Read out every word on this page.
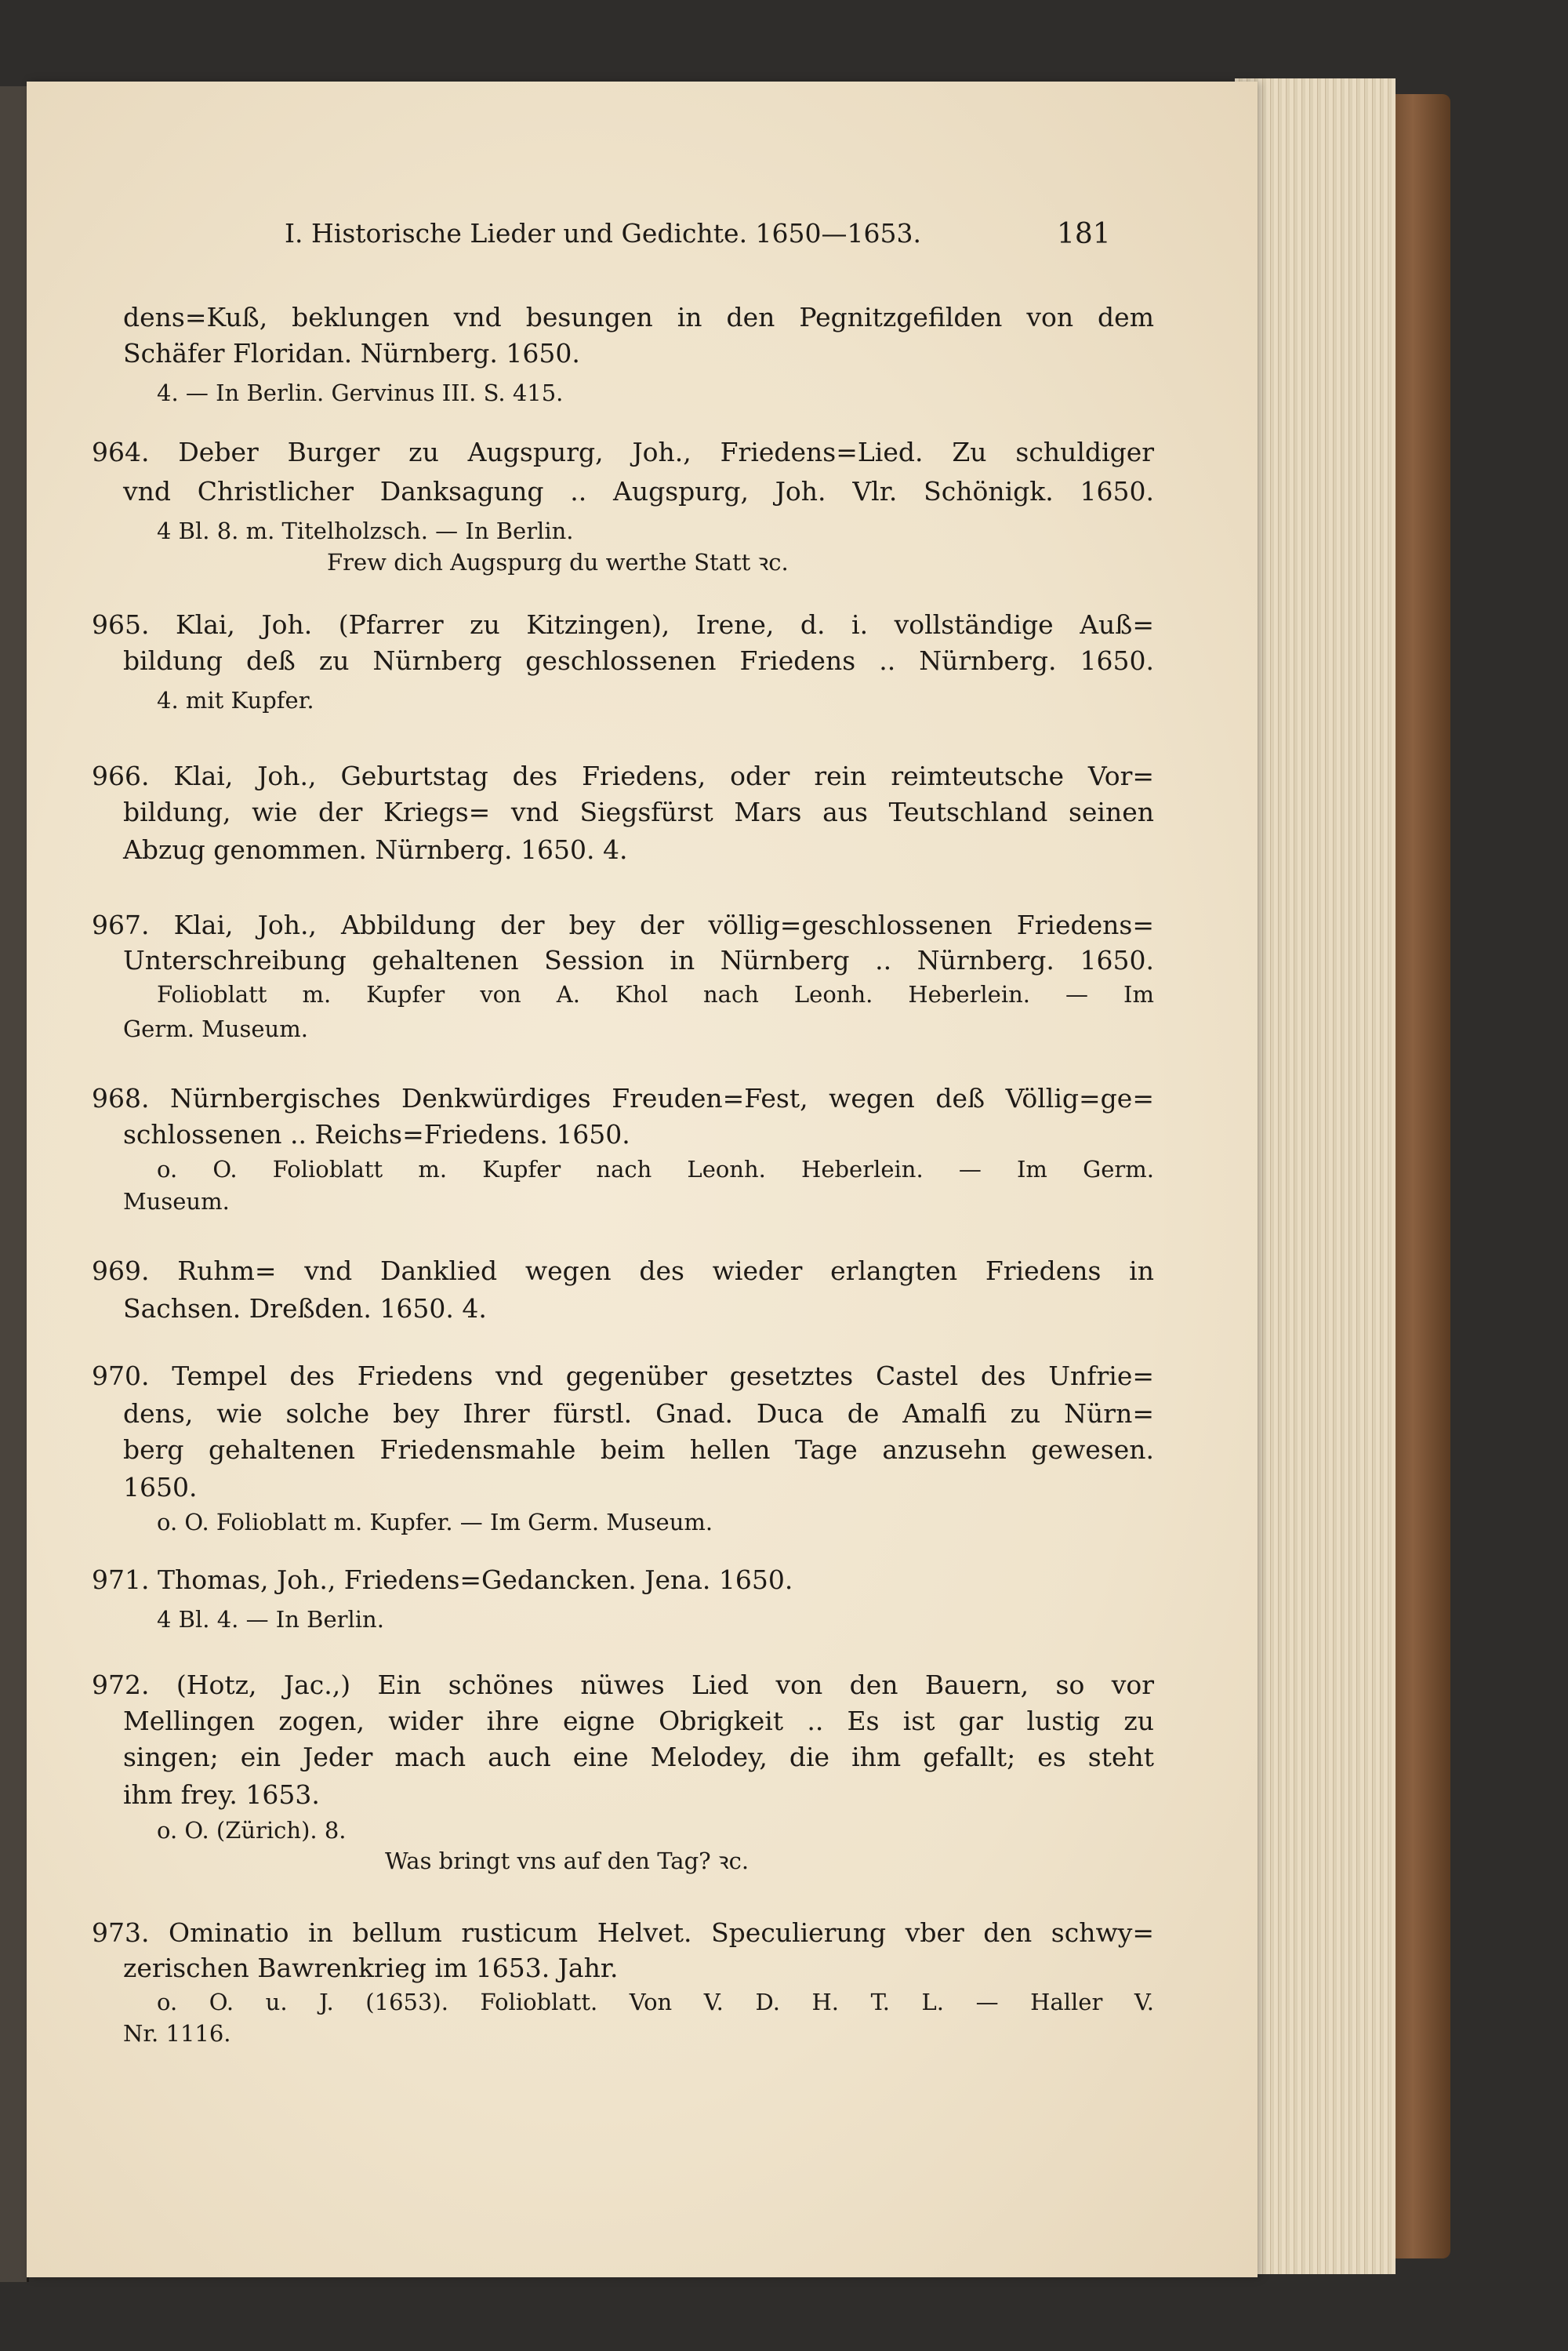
I. Historische Lieder und Gedichte. 1650—1653.	181
dens=Kuß, beklungen vnd besungen in den Pegnitzgefilden von dem
Schäfer Floridan. Nürnberg. 1650.
4. — In Berlin. Gervinus III. S. 415.
964. Deber Burger zu Augspurg, Joh., Friedens=Lied. Zu schuldiger
vnd Christlicher Danksagung .. Augspurg, Joh. Vlr. Schönigk. 1650.
4 Bl. 8. m. Titelholzsch. — In Berlin.
Frew dich Augspurg du werthe Statt ꝛc.
965. Klai, Joh. (Pfarrer zu Kitzingen), Irene, d. i. vollständige Auß=
bildung deß zu Nürnberg geschlossenen Friedens .. Nürnberg. 1650.
4. mit Kupfer.
966. Klai, Joh., Geburtstag des Friedens, oder rein reimteutsche Vor=
bildung, wie der Kriegs= vnd Siegsfürst Mars aus Teutschland seinen
Abzug genommen. Nürnberg. 1650. 4.
967. Klai, Joh., Abbildung der bey der völlig=geschlossenen Friedens=
Unterschreibung gehaltenen Session in Nürnberg .. Nürnberg. 1650.
Folioblatt m. Kupfer von A. Khol nach Leonh. Heberlein. — Im
Germ. Museum.
968. Nürnbergisches Denkwürdiges Freuden=Fest, wegen deß Völlig=ge=
schlossenen .. Reichs=Friedens. 1650.
o. O. Folioblatt m. Kupfer nach Leonh. Heberlein. — Im Germ.
Museum.
969. Ruhm= vnd Danklied wegen des wieder erlangten Friedens in
Sachsen. Dreßden. 1650. 4.
970. Tempel des Friedens vnd gegenüber gesetztes Castel des Unfrie=
dens, wie solche bey Ihrer fürstl. Gnad. Duca de Amalfi zu Nürn=
berg gehaltenen Friedensmahle beim hellen Tage anzusehn gewesen.
1650.
o. O. Folioblatt m. Kupfer. — Im Germ. Museum.
971. Thomas, Joh., Friedens=Gedancken. Jena. 1650.
4 Bl. 4. — In Berlin.
972. (Hotz, Jac.,) Ein schönes nüwes Lied von den Bauern, so vor
Mellingen zogen, wider ihre eigne Obrigkeit .. Es ist gar lustig zu
singen; ein Jeder mach auch eine Melodey, die ihm gefallt; es steht
ihm frey. 1653.
o. O. (Zürich). 8.
Was bringt vns auf den Tag? ꝛc.
973. Ominatio in bellum rusticum Helvet. Speculierung vber den schwy=
zerischen Bawrenkrieg im 1653. Jahr.
o. O. u. J. (1653). Folioblatt. Von V. D. H. T. L. — Haller V.
Nr. 1116.
